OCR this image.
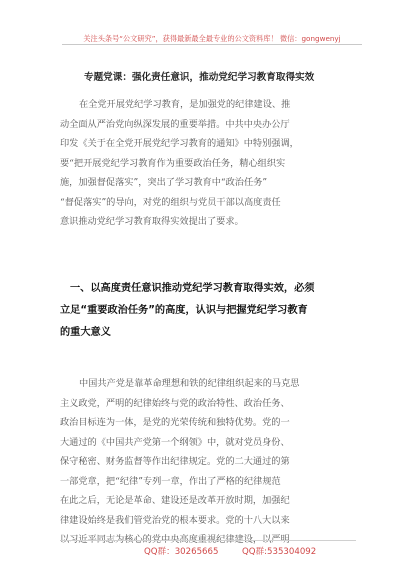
关注头条号“公文研究”，获得最新最全最专业的公文资料库！ 微信：gongwenyj
专题党课：强化责任意识，推动党纪学习教育取得实效
在全党开展党纪学习教育，是加强党的纪律建设、推
动全面从严治党向纵深发展的重要举措。中共中央办公厅
印发《关于在全党开展党纪学习教育的通知》中特别强调，
要“把开展党纪学习教育作为重要政治任务，精心组织实
施，加强督促落实”，突出了学习教育中“政治任务”
“督促落实”的导向，对党的组织与党员干部以高度责任
意识推动党纪学习教育取得实效提出了要求。
一、以高度责任意识推动党纪学习教育取得实效，必须
立足“重要政治任务”的高度，认识与把握党纪学习教育
的重大意义
中国共产党是靠革命理想和铁的纪律组织起来的马克思
主义政党，严明的纪律始终与党的政治特性、政治任务、
政治目标连为一体，是党的光荣传统和独特优势。党的一
大通过的《中国共产党第一个纲领》中，就对党员身份、
保守秘密、财务监督等作出纪律规定。党的二大通过的第
一部党章，把“纪律”专列一章，作出了严格的纪律规范
在此之后，无论是革命、建设还是改革开放时期，加强纪
律建设始终是我们管党治党的根本要求。党的十八大以来
以习近平同志为核心的党中央高度重视纪律建设，以严明
QQ群：30265665	QQ群:535304092
